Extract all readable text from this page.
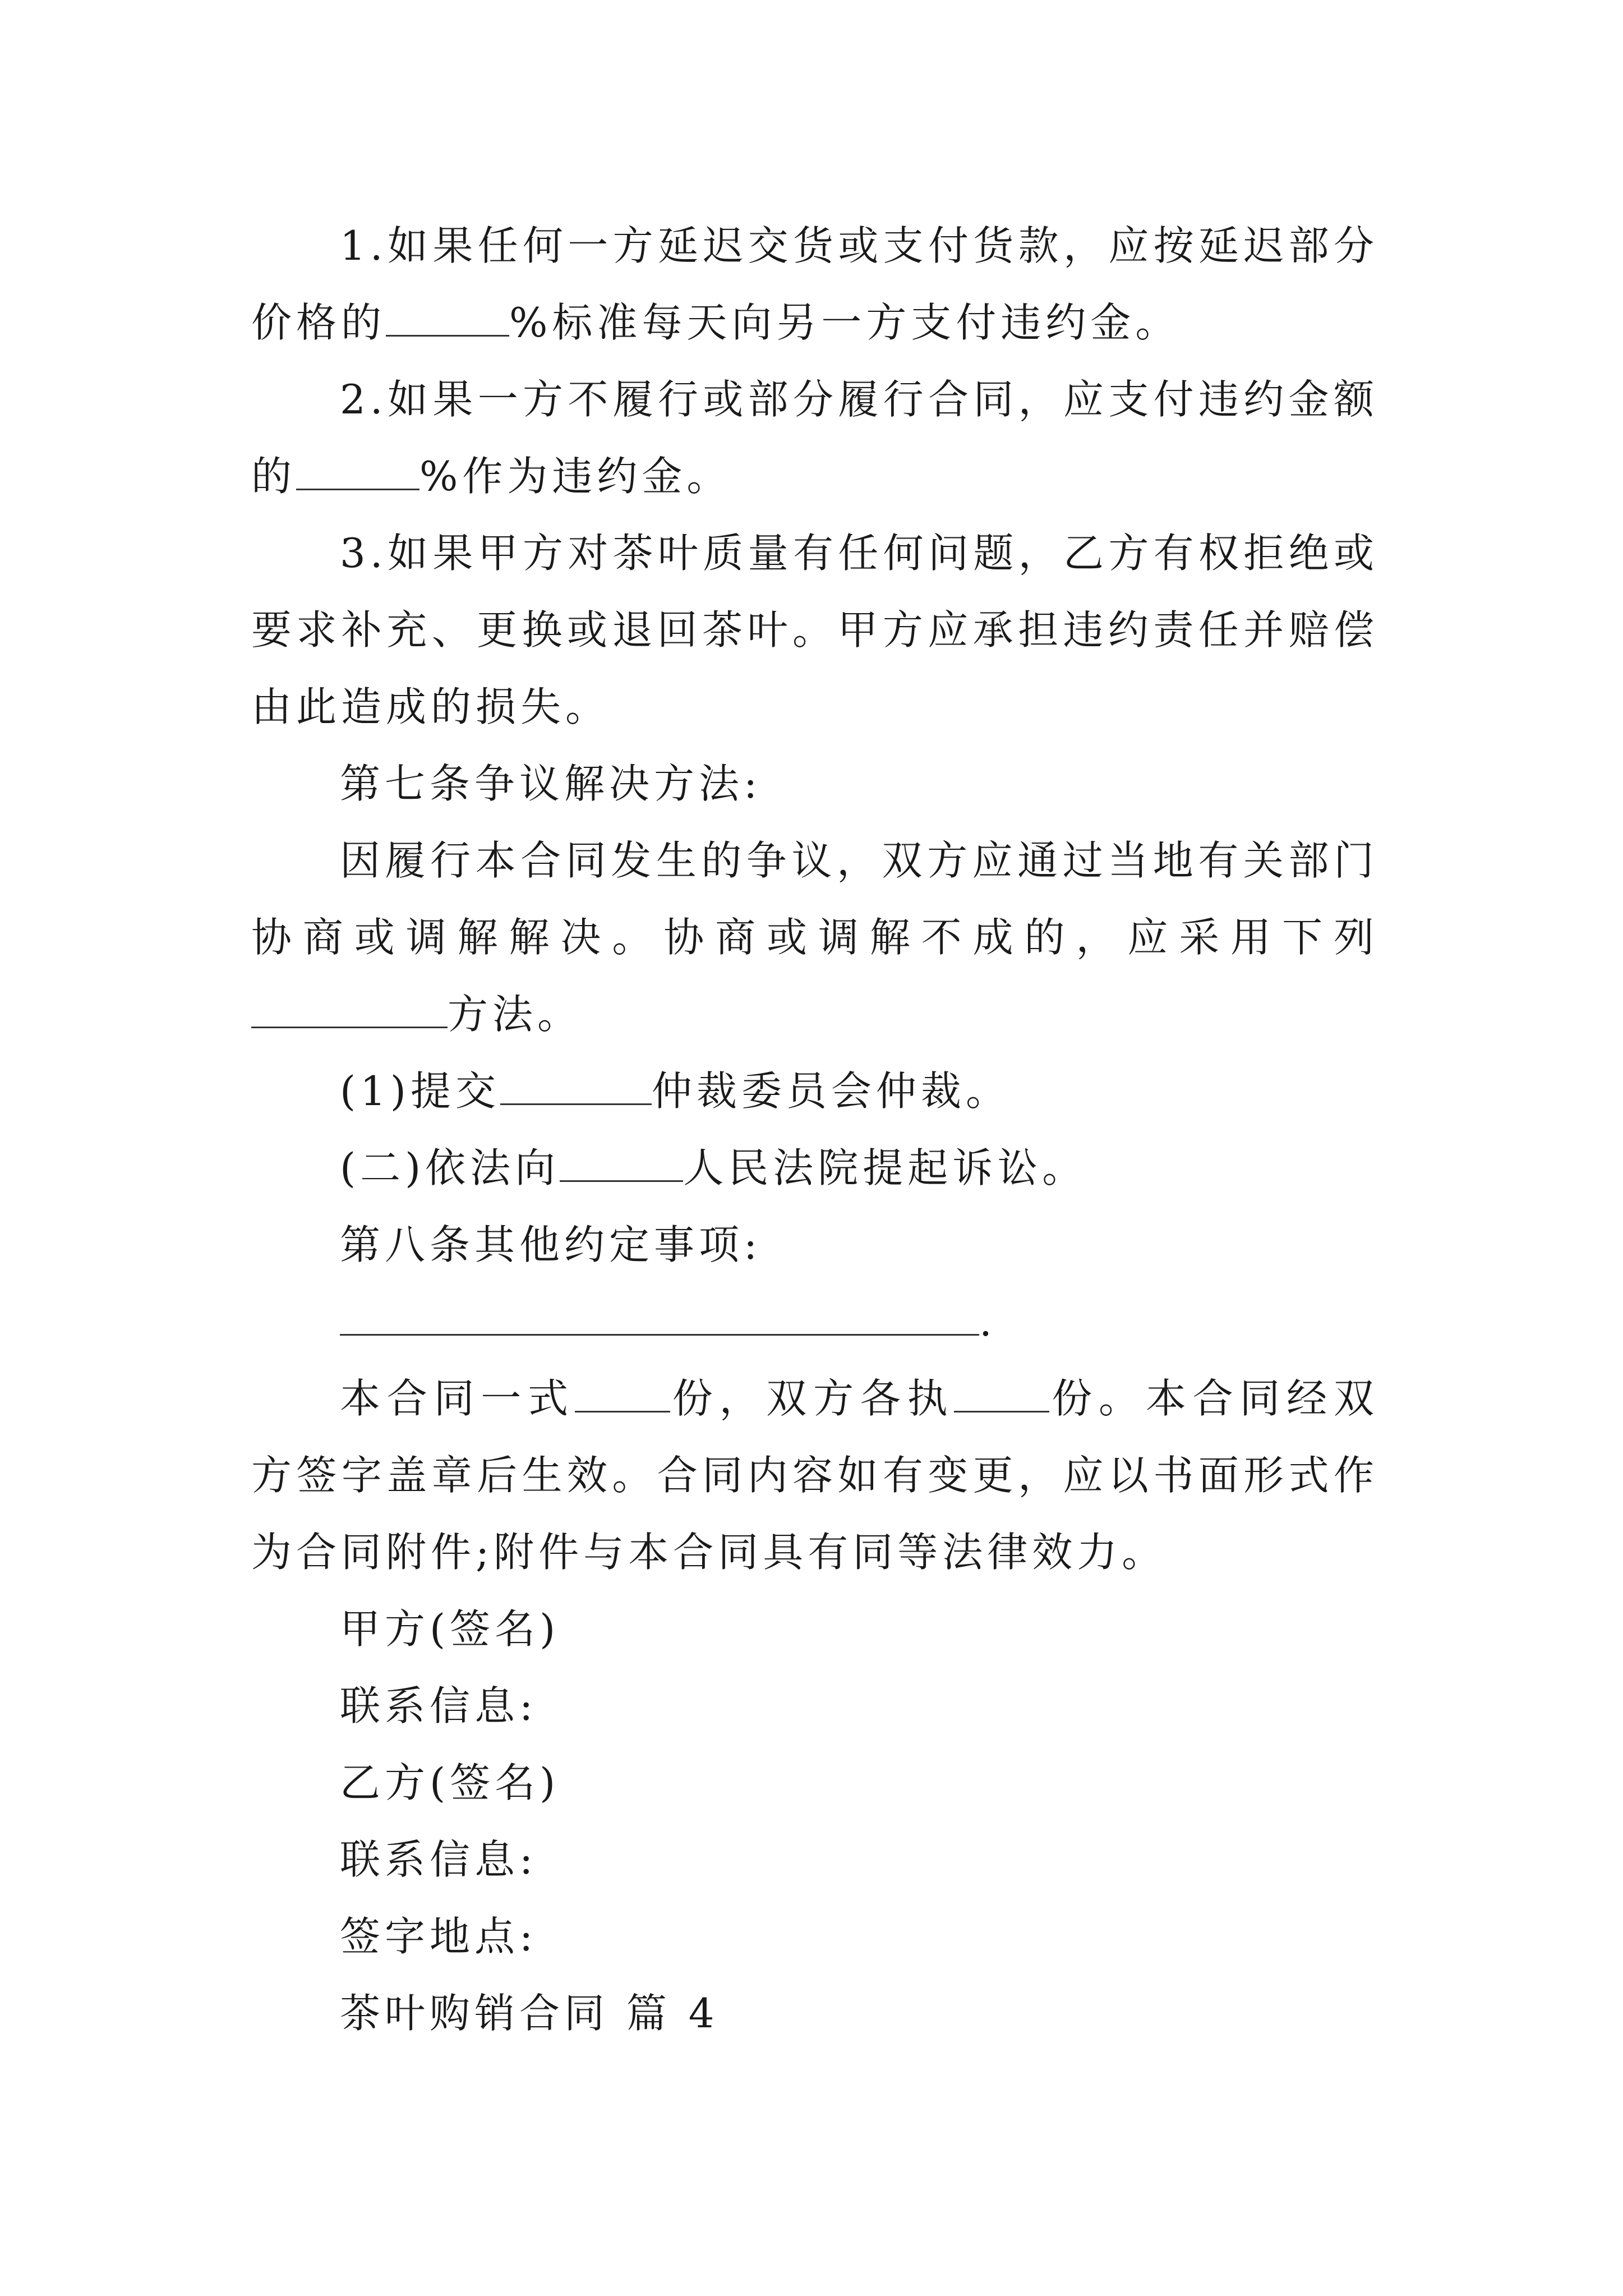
1.如果任何一方延迟交货或支付货款，应按延迟部分价格的	%标准每天向另一方支付违约金。

2.如果一方不履行或部分履行合同，应支付违约金额的	%作为违约金。

3.如果甲方对茶叶质量有任何问题，乙方有权拒绝或要求补充、更换或退回茶叶。甲方应承担违约责任并赔偿由此造成的损失。

第七条争议解决方法:

因履行本合同发生的争议，双方应通过当地有关部门协商或调解解决。协商或调解不成的，应采用下列方法。

(1)提交	仲裁委员会仲裁。

(二)依法向	人民法院提起诉讼。

第八条其他约定事项:

.

本合同一式 份，双方各执 份。本合同经双方签字盖章后生效。合同内容如有变更，应以书面形式作为合同附件;附件与本合同具有同等法律效力。

甲方(签名)

联系信息:

乙方(签名)

联系信息:

签字地点:

茶叶购销合同 篇 4
